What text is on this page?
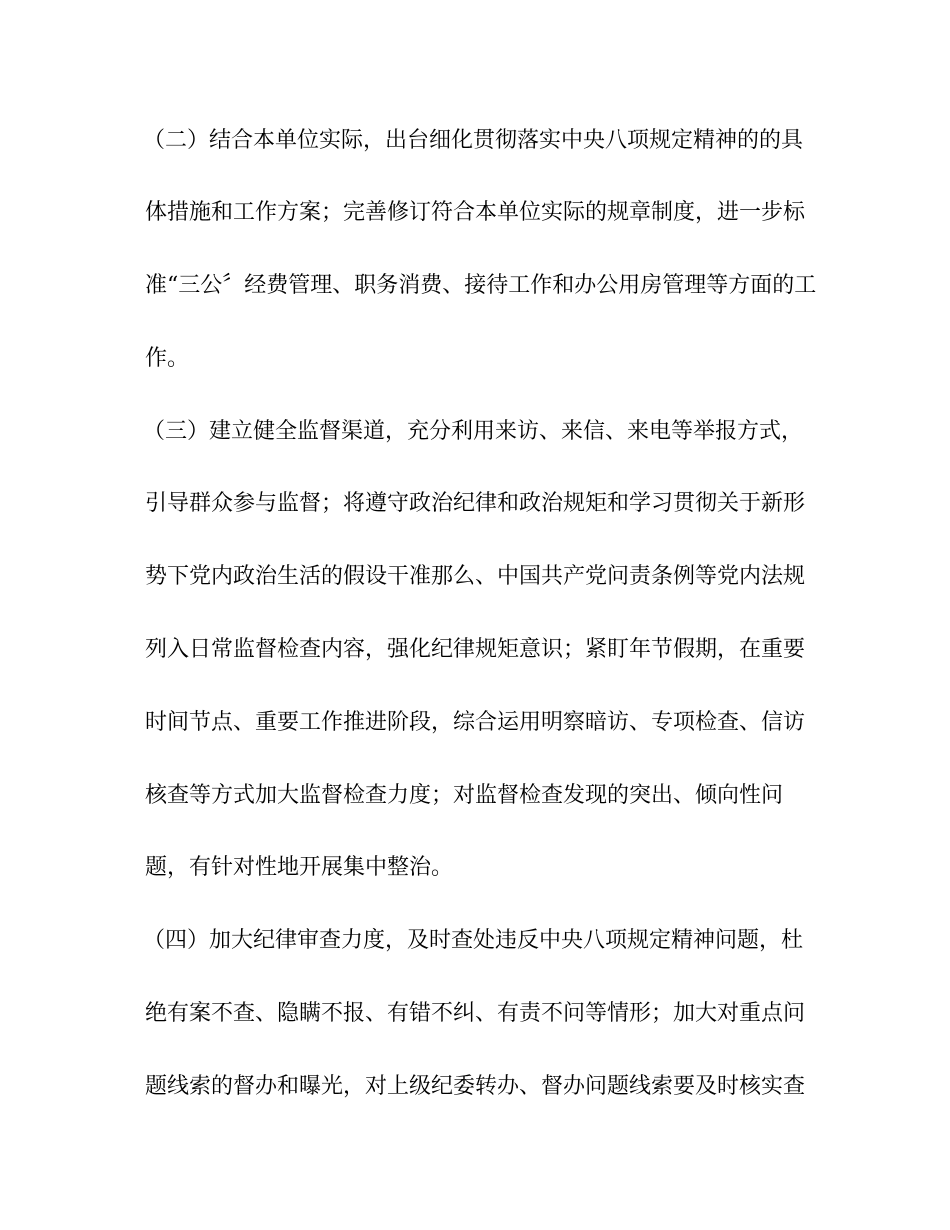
（二）结合本单位实际，出台细化贯彻落实中央八项规定精神的的具

体措施和工作方案；完善修订符合本单位实际的规章制度，进一步标

准“三公〞经费管理、职务消费、接待工作和办公用房管理等方面的工

作。

（三）建立健全监督渠道，充分利用来访、来信、来电等举报方式，

引导群众参与监督；将遵守政治纪律和政治规矩和学习贯彻关于新形

势下党内政治生活的假设干准那么、中国共产党问责条例等党内法规

列入日常监督检查内容，强化纪律规矩意识；紧盯年节假期，在重要

时间节点、重要工作推进阶段，综合运用明察暗访、专项检查、信访

核查等方式加大监督检查力度；对监督检查发现的突出、倾向性问

题，有针对性地开展集中整治。

（四）加大纪律审查力度，及时查处违反中央八项规定精神问题，杜

绝有案不查、隐瞒不报、有错不纠、有责不问等情形；加大对重点问

题线索的督办和曝光，对上级纪委转办、督办问题线索要及时核实查
